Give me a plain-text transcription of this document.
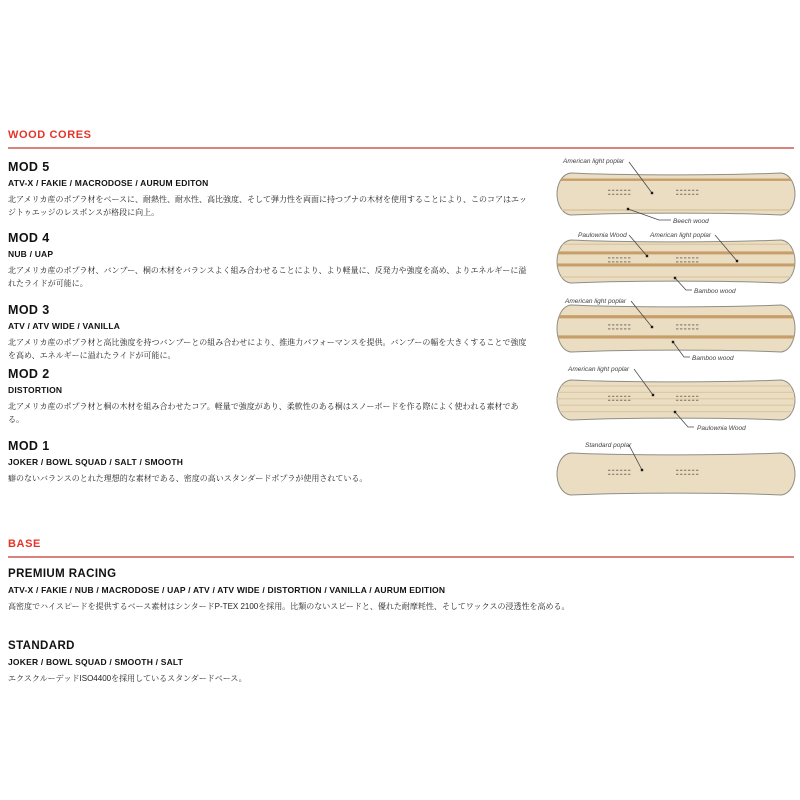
WOOD CORES
MOD 5
ATV-X / FAKIE / MACRODOSE / AURUM EDITON
北アメリカ産のポプラ材をベースに、耐熱性、耐水性、高比強度、そして弾力性を両面に持つブナの木材を使用することにより、このコアはエッジトゥエッジのレスポンスが格段に向上。
MOD 4
NUB / UAP
北アメリカ産のポプラ材、バンブー、桐の木材をバランスよく組み合わせることにより、より軽量に、反発力や強度を高め、よりエネルギーに溢れたライドが可能に。
MOD 3
ATV / ATV WIDE / VANILLA
北アメリカ産のポプラ材と高比強度を持つバンブーとの組み合わせにより、推進力パフォーマンスを提供。バンブーの幅を大きくすることで強度を高め、エネルギーに溢れたライドが可能に。
MOD 2
DISTORTION
北アメリカ産のポプラ材と桐の木材を組み合わせたコア。軽量で強度があり、柔軟性のある桐はスノーボードを作る際によく使われる素材である。
MOD 1
JOKER / BOWL SQUAD / SALT / SMOOTH
癖のないバランスのとれた理想的な素材である、密度の高いスタンダードポプラが使用されている。
American light poplar
Beech wood
Paulownia Wood	American light poplar
Bamboo wood
American light poplar
Bamboo wood
American light poplar
Paulownia Wood
Standard poplar
BASE
PREMIUM RACING
ATV-X / FAKIE / NUB / MACRODOSE / UAP / ATV / ATV WIDE / DISTORTION / VANILLA / AURUM EDITION
高密度でハイスピードを提供するベース素材はシンタードP-TEX 2100を採用。比類のないスピードと、優れた耐摩耗性、そしてワックスの浸透性を高める。
STANDARD
JOKER / BOWL SQUAD / SMOOTH / SALT
エクスクルーデッドISO4400を採用しているスタンダードベース。
